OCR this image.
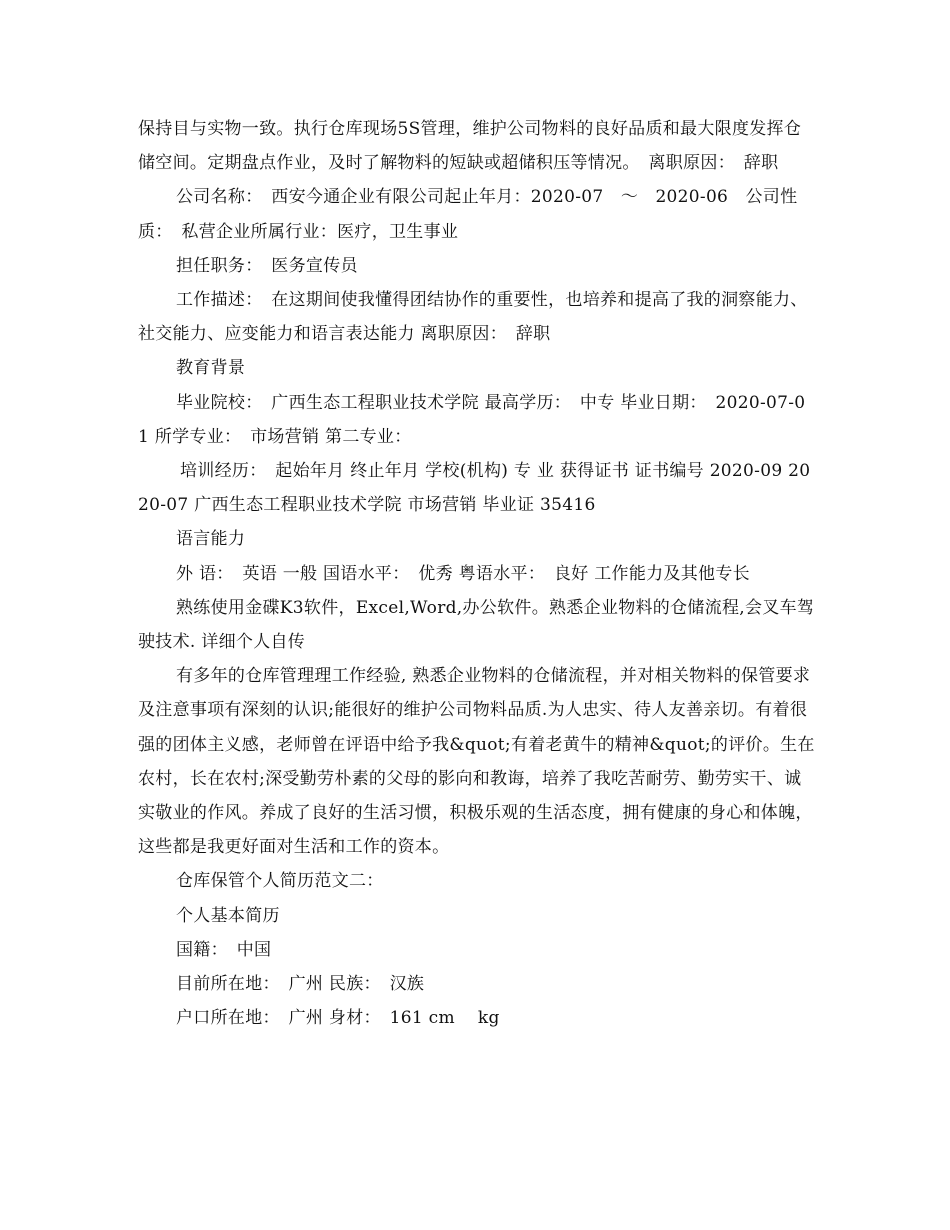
保持目与实物一致。执行仓库现场5S管理，维护公司物料的良好品质和最大限度发挥仓储空间。定期盘点作业，及时了解物料的短缺或超储积压等情况。　离职原因：　辞职

公司名称：　西安今通企业有限公司起止年月：2020-07　～　2020-06　公司性质：　私营企业所属行业：医疗，卫生事业

担任职务：　医务宣传员

工作描述：　在这期间使我懂得团结协作的重要性，也培养和提高了我的洞察能力、社交能力、应变能力和语言表达能力 离职原因：　辞职

教育背景

毕业院校：　广西生态工程职业技术学院 最高学历：　中专 毕业日期：　2020-07-01 所学专业：　市场营销 第二专业：

培训经历：　起始年月 终止年月 学校(机构) 专 业 获得证书 证书编号 2020-09 2020-07 广西生态工程职业技术学院 市场营销 毕业证 35416

语言能力

外 语：　英语 一般 国语水平：　优秀 粤语水平：　良好 工作能力及其他专长

熟练使用金碟K3软件，Excel,Word,办公软件。熟悉企业物料的仓储流程,会叉车驾驶技术. 详细个人自传

有多年的仓库管理理工作经验, 熟悉企业物料的仓储流程，并对相关物料的保管要求及注意事项有深刻的认识;能很好的维护公司物料品质.为人忠实、待人友善亲切。有着很强的团体主义感，老师曾在评语中给予我&quot;有着老黄牛的精神&quot;的评价。生在农村，长在农村;深受勤劳朴素的父母的影向和教诲，培养了我吃苦耐劳、勤劳实干、诚实敬业的作风。养成了良好的生活习惯，积极乐观的生活态度，拥有健康的身心和体魄，这些都是我更好面对生活和工作的资本。

仓库保管个人简历范文二：

个人基本简历

国籍：　中国

目前所在地：　广州 民族：　汉族

户口所在地：　广州 身材：　161 cm　 kg
